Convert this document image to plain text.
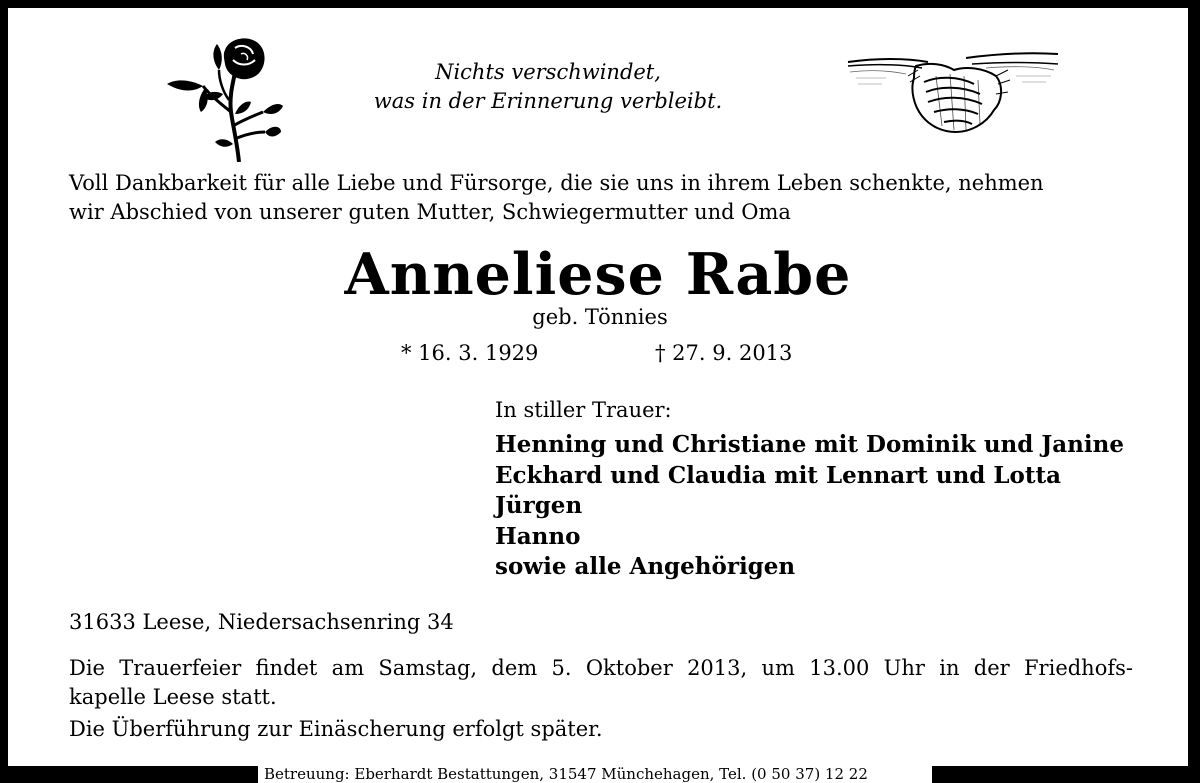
Nichts verschwindet,
was in der Erinnerung verbleibt.
Voll Dankbarkeit für alle Liebe und Fürsorge, die sie uns in ihrem Leben schenkte, nehmen
wir Abschied von unserer guten Mutter, Schwiegermutter und Oma
Anneliese Rabe
geb. Tönnies
* 16. 3. 1929	† 27. 9. 2013
In stiller Trauer:
Henning und Christiane mit Dominik und Janine
Eckhard und Claudia mit Lennart und Lotta
Jürgen
Hanno
sowie alle Angehörigen
31633 Leese, Niedersachsenring 34
Die Trauerfeier findet am Samstag, dem 5. Oktober 2013, um 13.00 Uhr in der Friedhofs-
kapelle Leese statt.
Die Überführung zur Einäscherung erfolgt später.
Betreuung: Eberhardt Bestattungen, 31547 Münchehagen, Tel. (0 50 37) 12 22
